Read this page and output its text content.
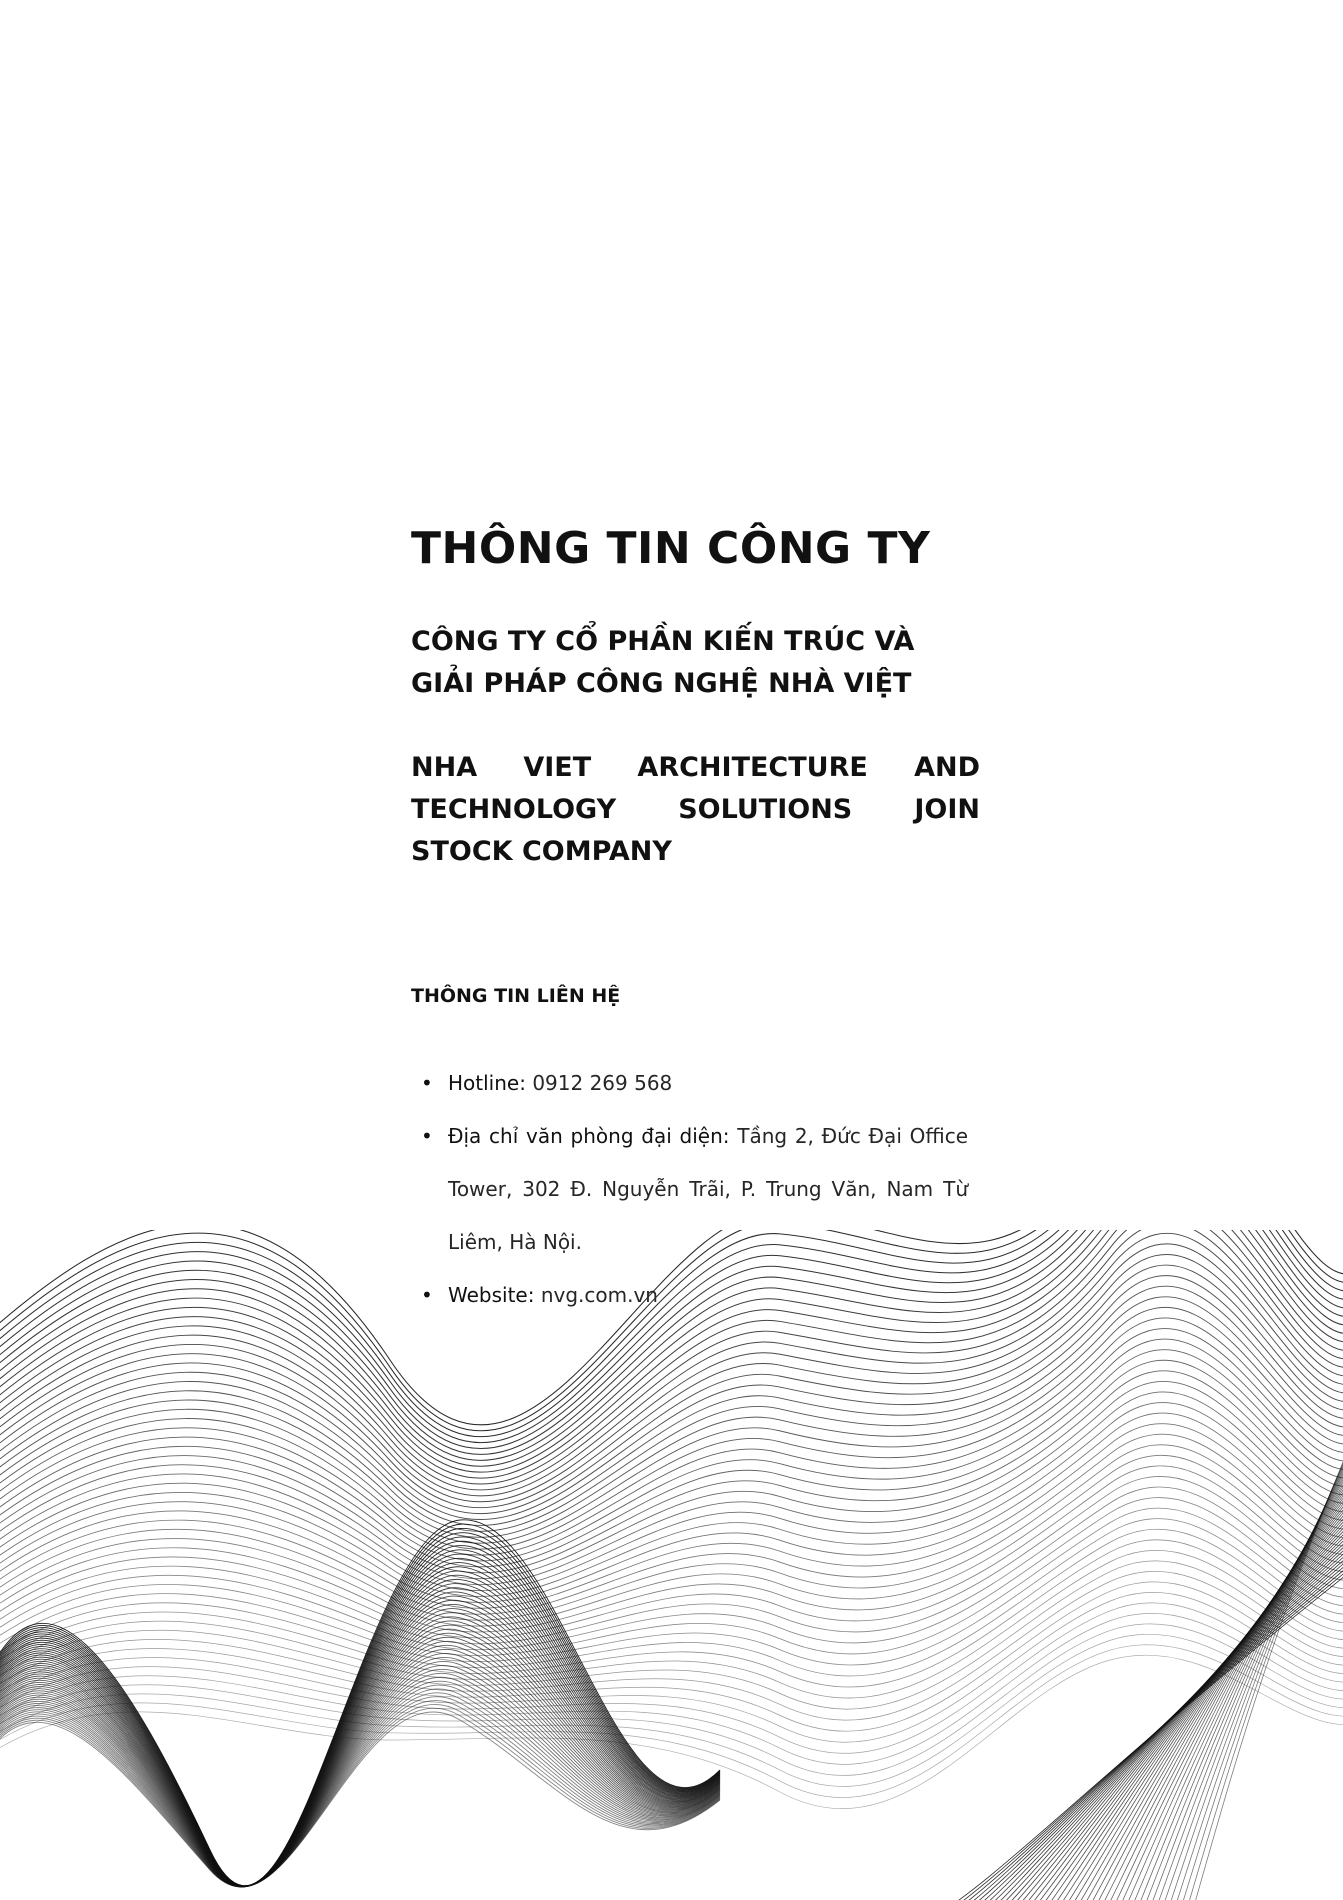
THÔNG TIN CÔNG TY

CÔNG TY CỔ PHẦN KIẾN TRÚC VÀ GIẢI PHÁP CÔNG NGHỆ NHÀ VIỆT

NHA VIET ARCHITECTURE AND TECHNOLOGY SOLUTIONS JOIN STOCK COMPANY

THÔNG TIN LIÊN HỆ
• Hotline: 0912 269 568
• Địa chỉ văn phòng đại diện: Tầng 2, Đức Đại Office Tower, 302 Đ. Nguyễn Trãi, P. Trung Văn, Nam Từ Liêm, Hà Nội.
• Website: nvg.com.vn
